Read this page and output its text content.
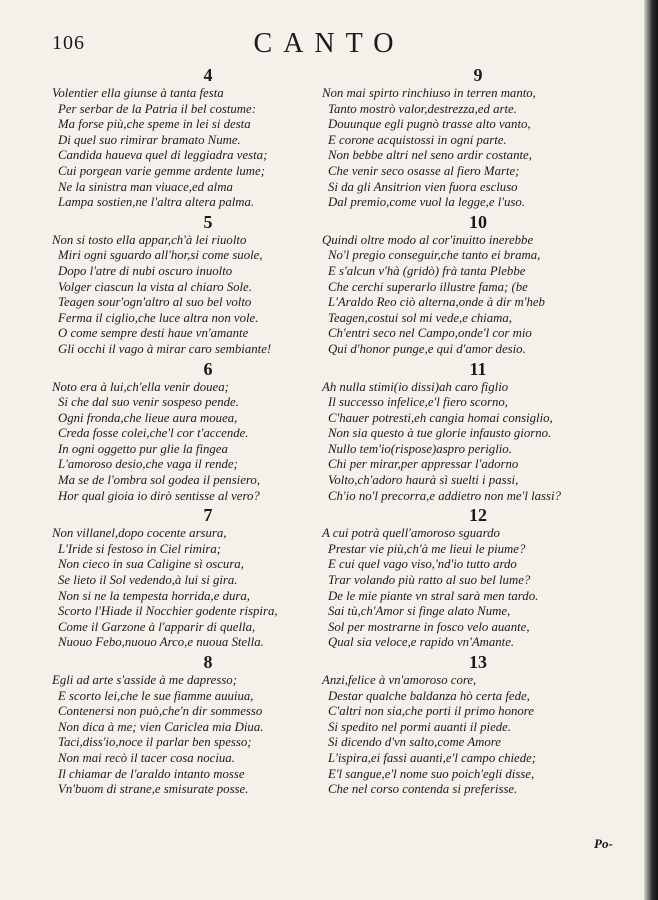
106	CANTO
4
Volentier ella giunse à tanta festa
Per serbar de la Patria il bel costume:
Ma forse più,che speme in lei si desta
Di quel suo rimirar bramato Nume.
Candida haueva quel di leggiadra vesta;
Cui porgean varie gemme ardente lume;
Ne la sinistra man viuace,ed alma
Lampa sostien,ne l'altra altera palma.
5
Non si tosto ella appar,ch'à lei riuolto
Miri ogni sguardo all'hor,si come suole,
Dopo l'atre di nubi oscuro inuolto
Volger ciascun la vista al chiaro Sole.
Teagen sour'ogn'altro al suo bel volto
Ferma il ciglio,che luce altra non vole.
O come sempre desti haue vn'amante
Gli occhi il vago à mirar caro sembiante!
6
Noto era à lui,ch'ella venir douea;
Si che dal suo venir sospeso pende.
Ogni fronda,che lieue aura mouea,
Creda fosse colei,che'l cor t'accende.
In ogni oggetto pur glie la fingea
L'amoroso desio,che vaga il rende;
Ma se de l'ombra sol godea il pensiero,
Hor qual gioia io dirò sentisse al vero?
7
Non villanel,dopo cocente arsura,
L'Iride si festoso in Ciel rimira;
Non cieco in sua Caligine sì oscura,
Se lieto il Sol vedendo,à lui si gira.
Non si ne la tempesta horrida,e dura,
Scorto l'Hiade il Nocchier godente rispira,
Come il Garzone à l'apparir di quella,
Nuouo Febo,nuouo Arco,e nuoua Stella.
8
Egli ad arte s'asside à me dapresso;
E scorto lei,che le sue fiamme auuiua,
Contenersi non può,che'n dir sommesso
Non dica à me; vien Cariclea mia Diua.
Taci,diss'io,noce il parlar ben spesso;
Non mai recò il tacer cosa nociua.
Il chiamar de l'araldo intanto mosse
Vn'buom di strane,e smisurate posse.
9
Non mai spirto rinchiuso in terren manto,
Tanto mostrò valor,destrezza,ed arte.
Douunque egli pugnò trasse alto vanto,
E corone acquistossi in ogni parte.
Non bebbe altri nel seno ardir costante,
Che venir seco osasse al fiero Marte;
Si da gli Ansitrion vien fuora escluso
Dal premio,come vuol la legge,e l'uso.
10
Quindi oltre modo al cor'inuitto inerebbe
No'l pregio conseguir,che tanto ei brama,
E s'alcun v'hà (gridò) frà tanta Plebbe
Che cerchi superarlo illustre fama; (be
L'Araldo Reo ciò alterna,onde à dir m'heb
Teagen,costui sol mi vede,e chiama,
Ch'entri seco nel Campo,onde'l cor mio
Qui d'honor punge,e qui d'amor desio.
11
Ah nulla stimi(io dissi)ah caro figlio
Il successo infelice,e'l fiero scorno,
C'hauer potresti,eh cangia homai consiglio,
Non sia questo à tue glorie infausto giorno.
Nullo tem'io(rispose)aspro periglio.
Chi per mirar,per appressar l'adorno
Volto,ch'adoro haurà sì suelti i passi,
Ch'io no'l precorra,e addietro non me'l lassi?
12
A cui potrà quell'amoroso sguardo
Prestar vie più,ch'à me lieui le piume?
E cui quel vago viso,'nd'io tutto ardo
Trar volando più ratto al suo bel lume?
De le mie piante vn stral sarà men tardo.
Sai tù,ch'Amor si finge alato Nume,
Sol per mostrarne in fosco velo auante,
Qual sia veloce,e rapido vn'Amante.
13
Anzi,felice à vn'amoroso core,
Destar qualche baldanza hò certa fede,
C'altri non sia,che porti il primo honore
Si spedito nel pormi auanti il piede.
Si dicendo d'vn salto,come Amore
L'ispira,ei fassi auanti,e'l campo chiede;
E'l sangue,e'l nome suo poich'egli disse,
Che nel corso contenda si preferisse.
Po-
